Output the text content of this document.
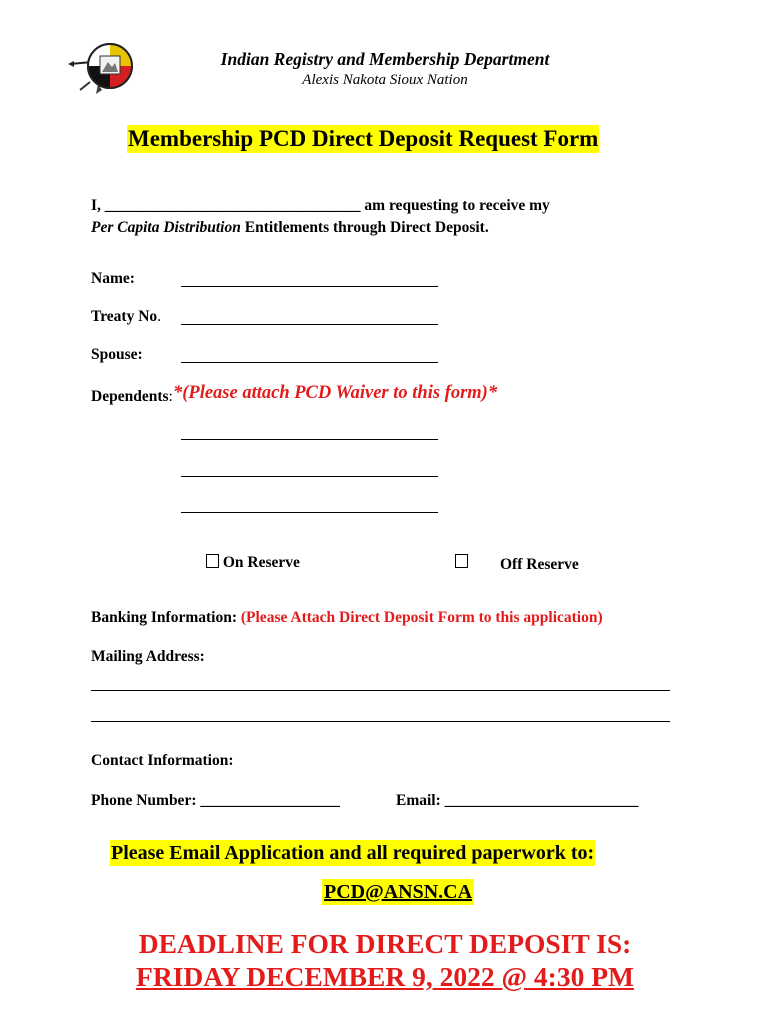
Indian Registry and Membership Department
Alexis Nakota Sioux Nation
Membership PCD Direct Deposit Request Form
I, _________________________________ am requesting to receive my
Per Capita Distribution Entitlements through Direct Deposit.
Name:
Treaty No.
Spouse:
Dependents: *(Please attach PCD Waiver to this form)*
On Reserve	Off Reserve
Banking Information: (Please Attach Direct Deposit Form to this application)
Mailing Address:
Contact Information:
Phone Number: __________________	Email: _________________________
Please Email Application and all required paperwork to:
PCD@ANSN.CA
DEADLINE FOR DIRECT DEPOSIT IS:
FRIDAY DECEMBER 9, 2022 @ 4:30 PM
